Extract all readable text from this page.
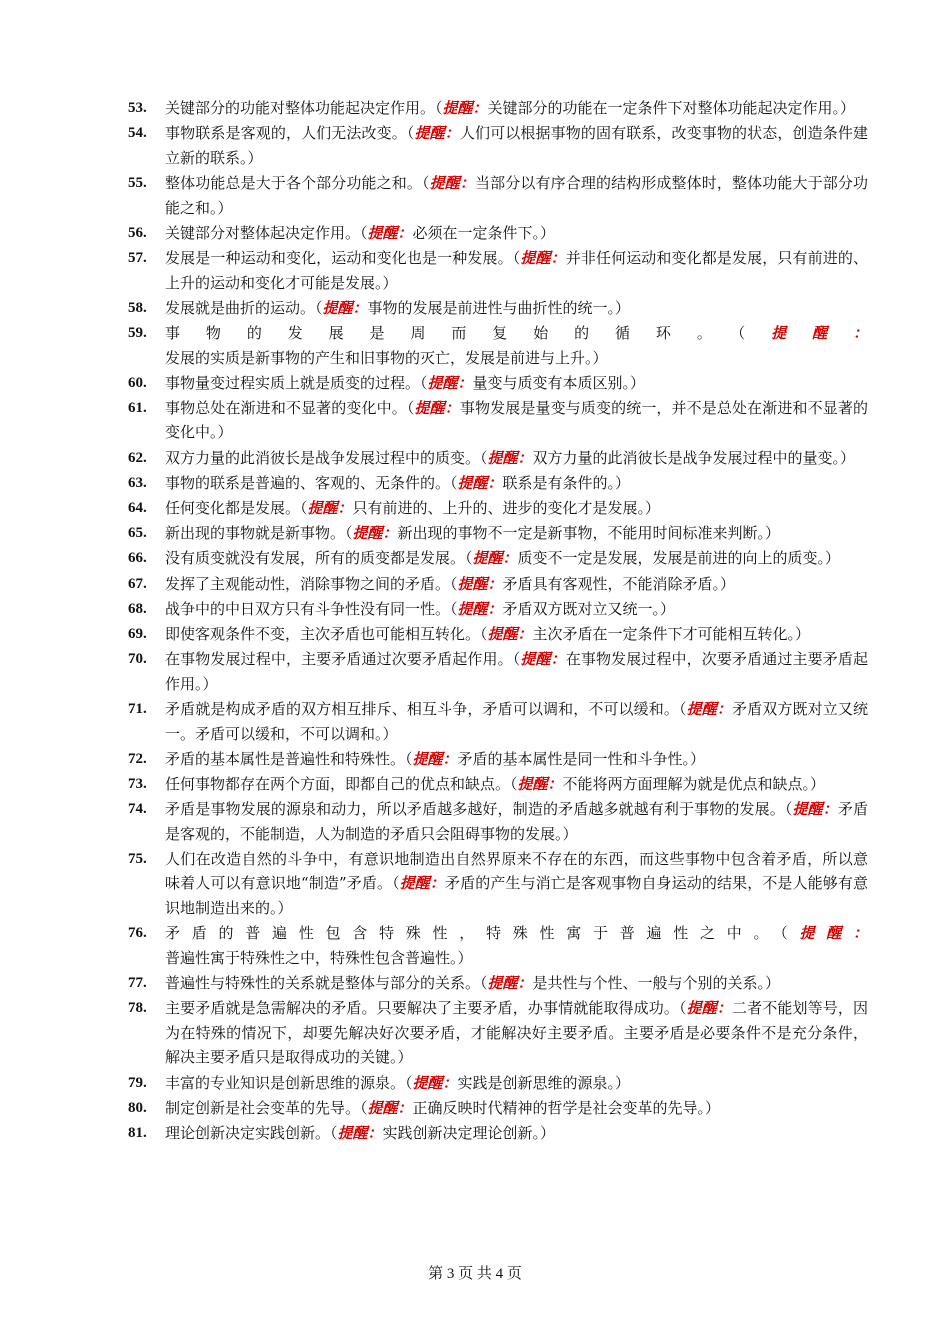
53.	关键部分的功能对整体功能起决定作用。（提醒：关键部分的功能在一定条件下对整体功能起决定作用。）
54.	事物联系是客观的，人们无法改变。（提醒：人们可以根据事物的固有联系，改变事物的状态，创造条件建立新的联系。）
55.	整体功能总是大于各个部分功能之和。（提醒：当部分以有序合理的结构形成整体时，整体功能大于部分功能之和。）
56.	关键部分对整体起决定作用。（提醒：必须在一定条件下。）
57.	发展是一种运动和变化，运动和变化也是一种发展。（提醒：并非任何运动和变化都是发展，只有前进的、上升的运动和变化才可能是发展。）
58.	发展就是曲折的运动。（提醒：事物的发展是前进性与曲折性的统一。）
59.	事物的发展是周而复始的循环。（提醒：发展的实质是新事物的产生和旧事物的灭亡，发展是前进与上升。）
60.	事物量变过程实质上就是质变的过程。（提醒：量变与质变有本质区别。）
61.	事物总处在渐进和不显著的变化中。（提醒：事物发展是量变与质变的统一，并不是总处在渐进和不显著的变化中。）
62.	双方力量的此消彼长是战争发展过程中的质变。（提醒：双方力量的此消彼长是战争发展过程中的量变。）
63.	事物的联系是普遍的、客观的、无条件的。（提醒：联系是有条件的。）
64.	任何变化都是发展。（提醒：只有前进的、上升的、进步的变化才是发展。）
65.	新出现的事物就是新事物。（提醒：新出现的事物不一定是新事物，不能用时间标准来判断。）
66.	没有质变就没有发展，所有的质变都是发展。（提醒：质变不一定是发展，发展是前进的向上的质变。）
67.	发挥了主观能动性，消除事物之间的矛盾。（提醒：矛盾具有客观性，不能消除矛盾。）
68.	战争中的中日双方只有斗争性没有同一性。（提醒：矛盾双方既对立又统一。）
69.	即使客观条件不变，主次矛盾也可能相互转化。（提醒：主次矛盾在一定条件下才可能相互转化。）
70.	在事物发展过程中，主要矛盾通过次要矛盾起作用。（提醒：在事物发展过程中，次要矛盾通过主要矛盾起作用。）
71.	矛盾就是构成矛盾的双方相互排斥、相互斗争，矛盾可以调和，不可以缓和。（提醒：矛盾双方既对立又统一。矛盾可以缓和，不可以调和。）
72.	矛盾的基本属性是普遍性和特殊性。（提醒：矛盾的基本属性是同一性和斗争性。）
73.	任何事物都存在两个方面，即都自己的优点和缺点。（提醒：不能将两方面理解为就是优点和缺点。）
74.	矛盾是事物发展的源泉和动力，所以矛盾越多越好，制造的矛盾越多就越有利于事物的发展。（提醒：矛盾是客观的，不能制造，人为制造的矛盾只会阻碍事物的发展。）
75.	人们在改造自然的斗争中，有意识地制造出自然界原来不存在的东西，而这些事物中包含着矛盾，所以意味着人可以有意识地“制造”矛盾。（提醒：矛盾的产生与消亡是客观事物自身运动的结果，不是人能够有意识地制造出来的。）
76.	矛盾的普遍性包含特殊性，特殊性寓于普遍性之中。（提醒：普遍性寓于特殊性之中，特殊性包含普遍性。）
77.	普遍性与特殊性的关系就是整体与部分的关系。（提醒：是共性与个性、一般与个别的关系。）
78.	主要矛盾就是急需解决的矛盾。只要解决了主要矛盾，办事情就能取得成功。（提醒：二者不能划等号，因为在特殊的情况下，却要先解决好次要矛盾，才能解决好主要矛盾。主要矛盾是必要条件不是充分条件，解决主要矛盾只是取得成功的关键。）
79.	丰富的专业知识是创新思维的源泉。（提醒：实践是创新思维的源泉。）
80.	制定创新是社会变革的先导。（提醒：正确反映时代精神的哲学是社会变革的先导。）
81.	理论创新决定实践创新。（提醒：实践创新决定理论创新。）
第 3 页 共 4 页
